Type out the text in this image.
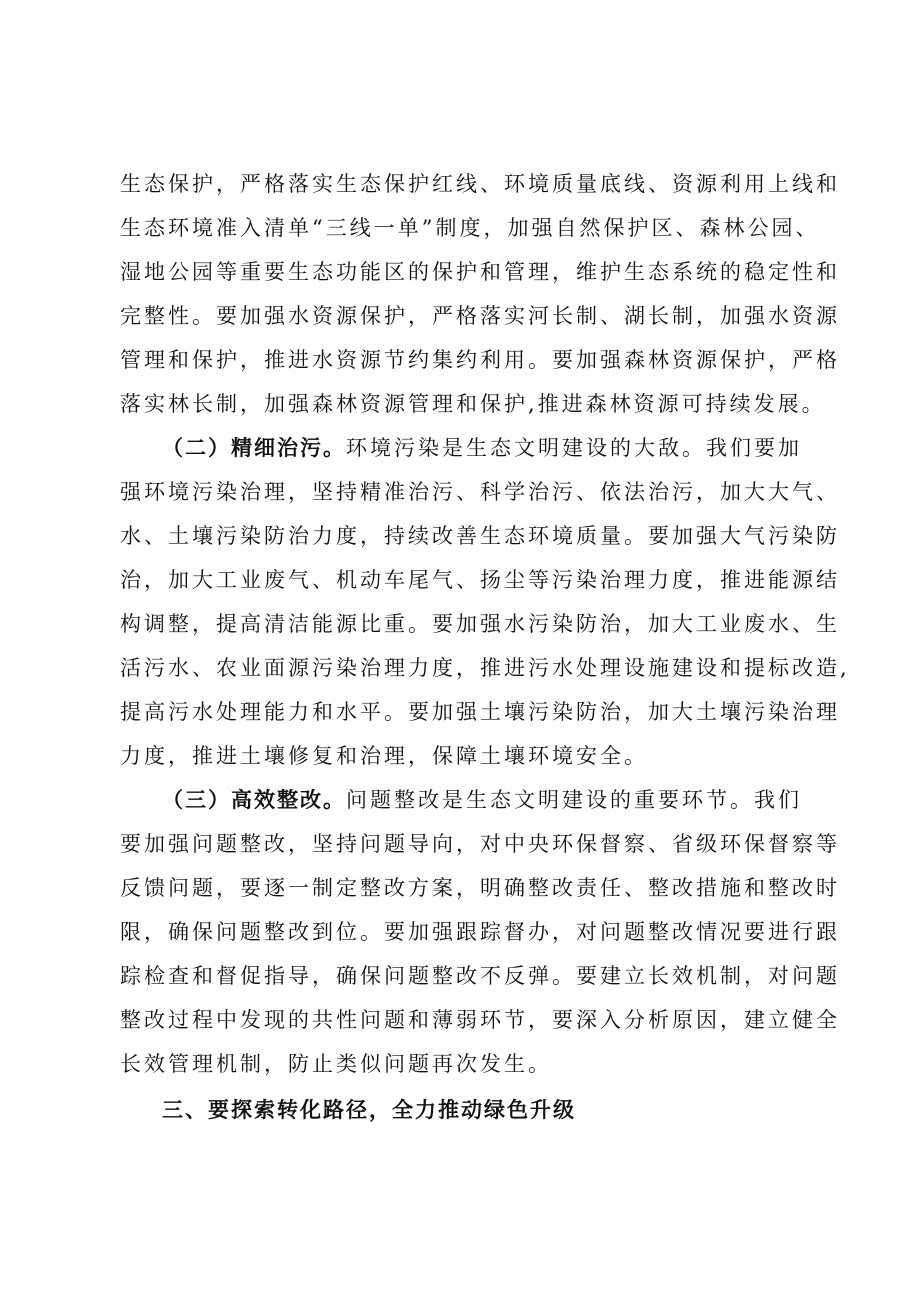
生态保护，严格落实生态保护红线、环境质量底线、资源利用上线和
生态环境准入清单“三线一单”制度，加强自然保护区、森林公园、
湿地公园等重要生态功能区的保护和管理，维护生态系统的稳定性和
完整性。要加强水资源保护，严格落实河长制、湖长制，加强水资源
管理和保护，推进水资源节约集约利用。要加强森林资源保护，严格
落实林长制，加强森林资源管理和保护,推进森林资源可持续发展。
（二）精细治污。环境污染是生态文明建设的大敌。我们要加
强环境污染治理，坚持精准治污、科学治污、依法治污，加大大气、
水、土壤污染防治力度，持续改善生态环境质量。要加强大气污染防
治，加大工业废气、机动车尾气、扬尘等污染治理力度，推进能源结
构调整，提高清洁能源比重。要加强水污染防治，加大工业废水、生
活污水、农业面源污染治理力度，推进污水处理设施建设和提标改造,
提高污水处理能力和水平。要加强土壤污染防治，加大土壤污染治理
力度，推进土壤修复和治理，保障土壤环境安全。
（三）高效整改。问题整改是生态文明建设的重要环节。我们
要加强问题整改，坚持问题导向，对中央环保督察、省级环保督察等
反馈问题，要逐一制定整改方案，明确整改责任、整改措施和整改时
限，确保问题整改到位。要加强跟踪督办，对问题整改情况要进行跟
踪检查和督促指导，确保问题整改不反弹。要建立长效机制，对问题
整改过程中发现的共性问题和薄弱环节，要深入分析原因，建立健全
长效管理机制，防止类似问题再次发生。
三、要探索转化路径，全力推动绿色升级
